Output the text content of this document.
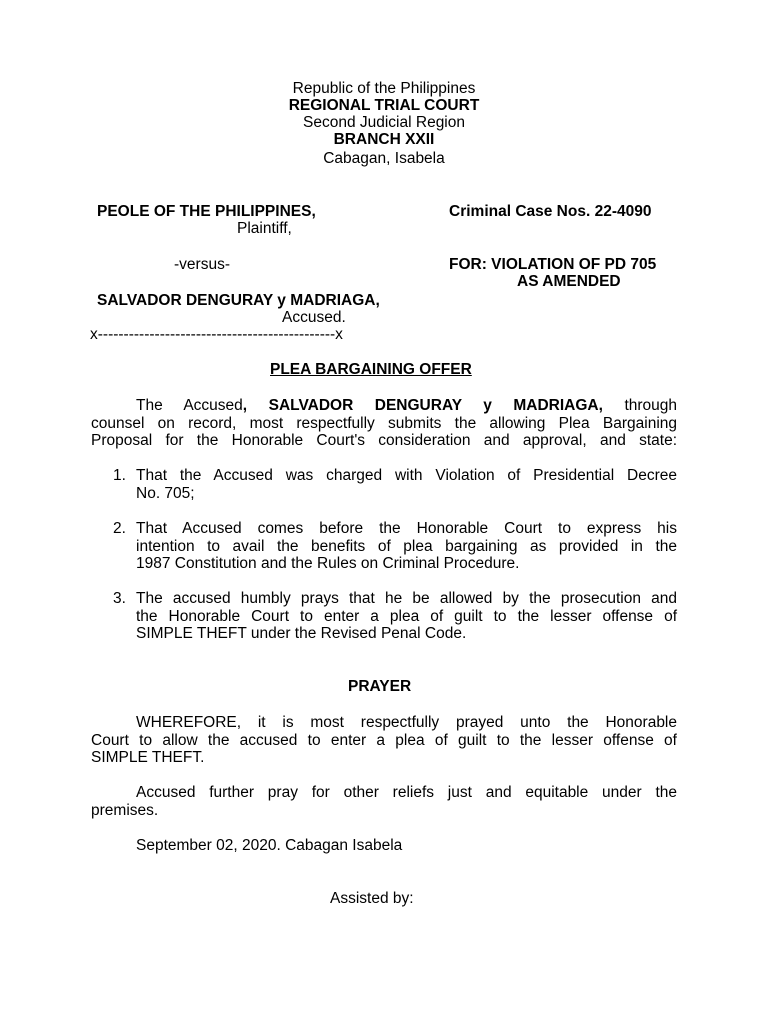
Republic of the Philippines
REGIONAL TRIAL COURT
Second Judicial Region
BRANCH XXII
Cabagan, Isabela
PEOLE OF THE PHILIPPINES,
Plaintiff,
-versus-
SALVADOR DENGURAY y MADRIAGA,
Accused.
x----------------------------------------------x
Criminal Case Nos. 22-4090
FOR: VIOLATION OF PD 705
AS AMENDED
PLEA BARGAINING OFFER
The Accused, SALVADOR DENGURAY y MADRIAGA, through
counsel on record, most respectfully submits the allowing Plea Bargaining
Proposal for the Honorable Court's consideration and approval, and state:
1. That the Accused was charged with Violation of Presidential Decree
No. 705;
2. That Accused comes before the Honorable Court to express his
intention to avail the benefits of plea bargaining as provided in the
1987 Constitution and the Rules on Criminal Procedure.
3. The accused humbly prays that he be allowed by the prosecution and
the Honorable Court to enter a plea of guilt to the lesser offense of
SIMPLE THEFT under the Revised Penal Code.
PRAYER
WHEREFORE, it is most respectfully prayed unto the Honorable
Court to allow the accused to enter a plea of guilt to the lesser offense of
SIMPLE THEFT.
Accused further pray for other reliefs just and equitable under the
premises.
September 02, 2020. Cabagan Isabela
Assisted by:
